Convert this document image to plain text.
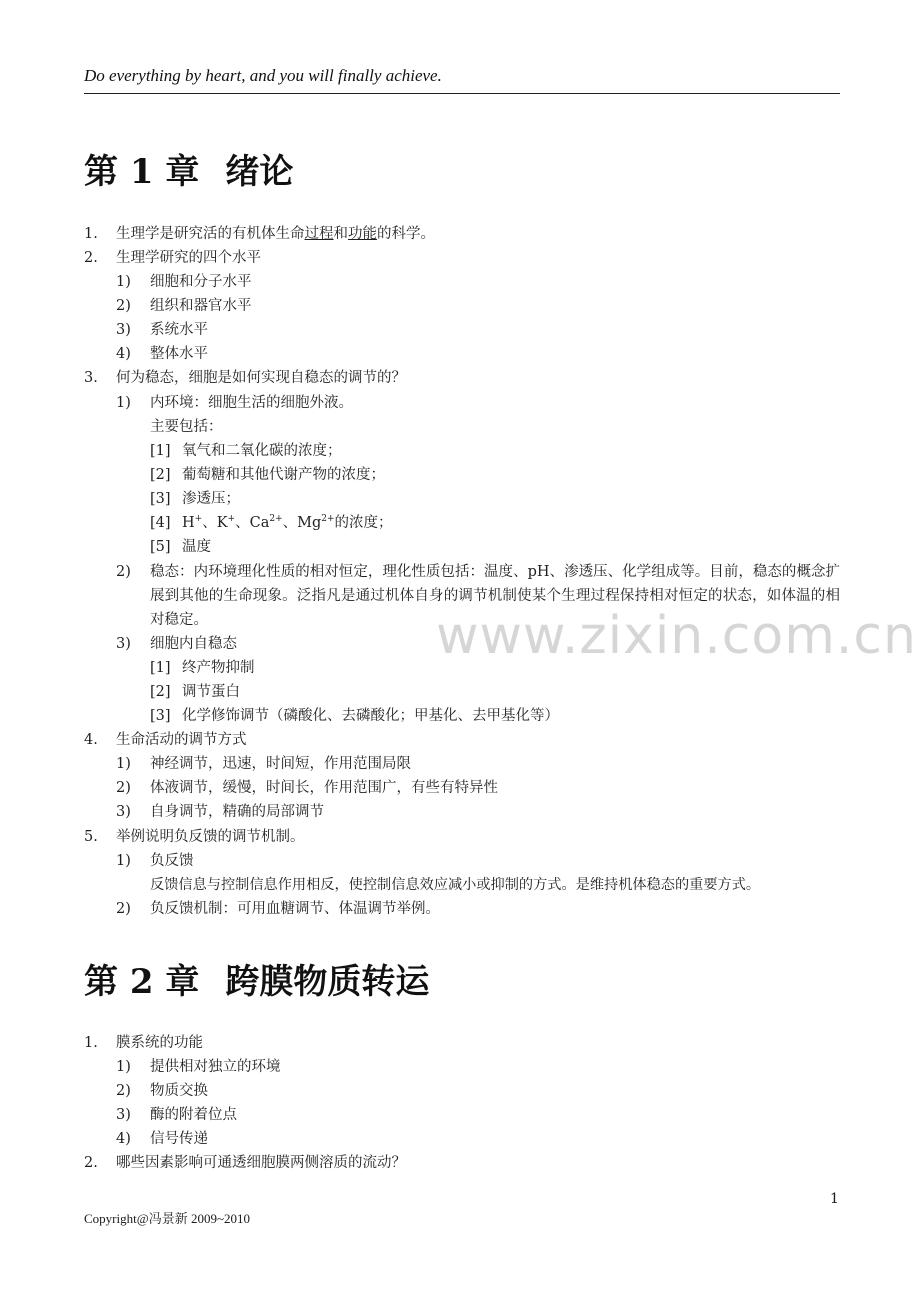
Do everything by heart, and you will finally achieve.
第 1 章 绪论
1. 生理学是研究活的有机体生命过程和功能的科学。
2. 生理学研究的四个水平
1) 细胞和分子水平
2) 组织和器官水平
3) 系统水平
4) 整体水平
3. 何为稳态，细胞是如何实现自稳态的调节的？
1) 内环境：细胞生活的细胞外液。
主要包括：
[1] 氧气和二氧化碳的浓度；
[2] 葡萄糖和其他代谢产物的浓度；
[3] 渗透压；
[4] H+、K+、$Ca^{2+}$、$Mg^{2+}$的浓度；
[5] 温度
2) 稳态：内环境理化性质的相对恒定，理化性质包括：温度、pH、渗透压、化学组成等。目前，稳态的概念扩展到其他的生命现象。泛指凡是通过机体自身的调节机制使某个生理过程保持相对恒定的状态，如体温的相对稳定。
3) 细胞内自稳态
[1] 终产物抑制
[2] 调节蛋白
[3] 化学修饰调节（磷酸化、去磷酸化；甲基化、去甲基化等）
4. 生命活动的调节方式
1) 神经调节，迅速，时间短，作用范围局限
2) 体液调节，缓慢，时间长，作用范围广，有些有特异性
3) 自身调节，精确的局部调节
5. 举例说明负反馈的调节机制。
1) 负反馈
反馈信息与控制信息作用相反，使控制信息效应减小或抑制的方式。是维持机体稳态的重要方式。
2) 负反馈机制：可用血糖调节、体温调节举例。
第 2 章 跨膜物质转运
1. 膜系统的功能
1) 提供相对独立的环境
2) 物质交换
3) 酶的附着位点
4) 信号传递
2. 哪些因素影响可通透细胞膜两侧溶质的流动？
www.zixin.com.cn
1
Copyright@冯景新 2009~2010
